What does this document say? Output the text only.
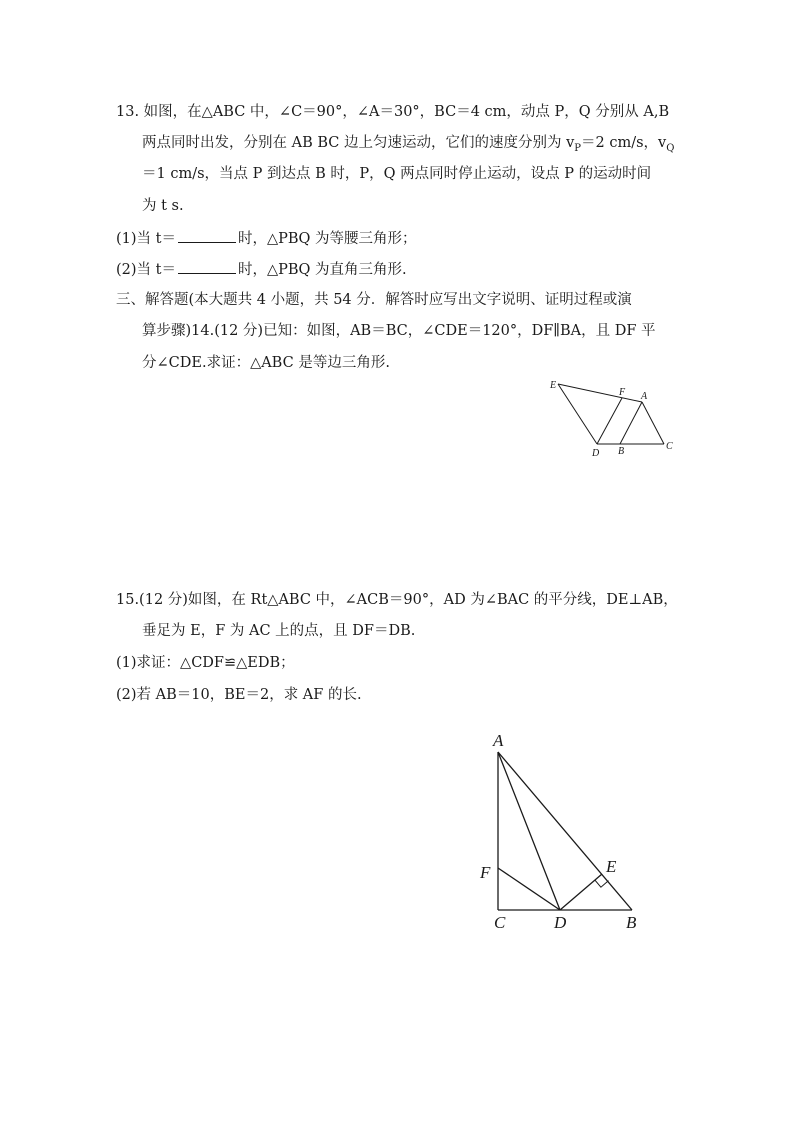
13. 如图，在△ABC 中，∠C＝90°，∠A＝30°，BC＝4 cm，动点 P，Q 分别从 A,B
两点同时出发，分别在 AB BC 边上匀速运动，它们的速度分别为 $v_P=2$ cm/s，$v_Q$
＝1 cm/s，当点 P 到达点 B 时，P，Q 两点同时停止运动，设点 P 的运动时间
为 t s.
(1)当 t＝	时，△PBQ 为等腰三角形；
(2)当 t＝	时，△PBQ 为直角三角形.
三、解答题(本大题共 4 小题，共 54 分．解答时应写出文字说明、证明过程或演
算步骤)14.(12 分)已知：如图，AB＝BC，∠CDE＝120°，DF∥BA，且 DF 平
分∠CDE.求证：△ABC 是等边三角形.
E
F A
D B	C
15.(12 分)如图，在 Rt△ABC 中，∠ACB＝90°，AD 为∠BAC 的平分线，DE⊥AB，
垂足为 E，F 为 AC 上的点，且 DF＝DB.
(1)求证：△CDF≌△EDB；
(2)若 AB＝10，BE＝2，求 AF 的长.
A
F	E
C	D	B
